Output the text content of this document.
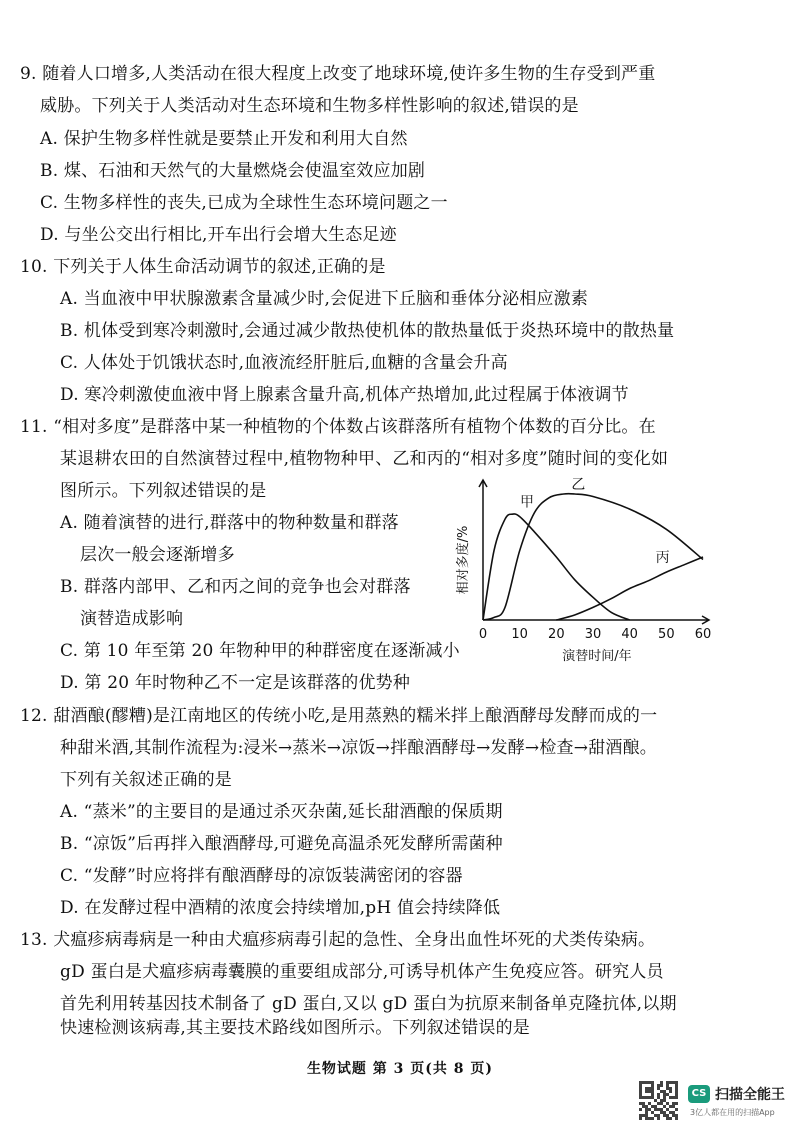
9. 随着人口增多,人类活动在很大程度上改变了地球环境,使许多生物的生存受到严重
威胁。下列关于人类活动对生态环境和生物多样性影响的叙述,错误的是
A. 保护生物多样性就是要禁止开发和利用大自然
B. 煤、石油和天然气的大量燃烧会使温室效应加剧
C. 生物多样性的丧失,已成为全球性生态环境问题之一
D. 与坐公交出行相比,开车出行会增大生态足迹
10. 下列关于人体生命活动调节的叙述,正确的是
A. 当血液中甲状腺激素含量减少时,会促进下丘脑和垂体分泌相应激素
B. 机体受到寒冷刺激时,会通过减少散热使机体的散热量低于炎热环境中的散热量
C. 人体处于饥饿状态时,血液流经肝脏后,血糖的含量会升高
D. 寒冷刺激使血液中肾上腺素含量升高,机体产热增加,此过程属于体液调节
11. “相对多度”是群落中某一种植物的个体数占该群落所有植物个体数的百分比。在
某退耕农田的自然演替过程中,植物物种甲、乙和丙的“相对多度”随时间的变化如
图所示。下列叙述错误的是
A. 随着演替的进行,群落中的物种数量和群落
层次一般会逐渐增多
B. 群落内部甲、乙和丙之间的竞争也会对群落
演替造成影响
C. 第 10 年至第 20 年物种甲的种群密度在逐渐减小
D. 第 20 年时物种乙不一定是该群落的优势种
甲
乙
丙
0 10 20 30 40 50 60
相对多度/%
演替时间/年
12. 甜酒酿(醪糟)是江南地区的传统小吃,是用蒸熟的糯米拌上酿酒酵母发酵而成的一
种甜米酒,其制作流程为:浸米→蒸米→凉饭→拌酿酒酵母→发酵→检查→甜酒酿。
下列有关叙述正确的是
A. “蒸米”的主要目的是通过杀灭杂菌,延长甜酒酿的保质期
B. “凉饭”后再拌入酿酒酵母,可避免高温杀死发酵所需菌种
C. “发酵”时应将拌有酿酒酵母的凉饭装满密闭的容器
D. 在发酵过程中酒精的浓度会持续增加,pH 值会持续降低
13. 犬瘟疹病毒病是一种由犬瘟疹病毒引起的急性、全身出血性坏死的犬类传染病。
gD 蛋白是犬瘟疹病毒囊膜的重要组成部分,可诱导机体产生免疫应答。研究人员
首先利用转基因技术制备了 gD 蛋白,又以 gD 蛋白为抗原来制备单克隆抗体,以期
快速检测该病毒,其主要技术路线如图所示。下列叙述错误的是
生物试题 第 3 页(共 8 页)
CS 扫描全能王
3亿人都在用的扫描App
